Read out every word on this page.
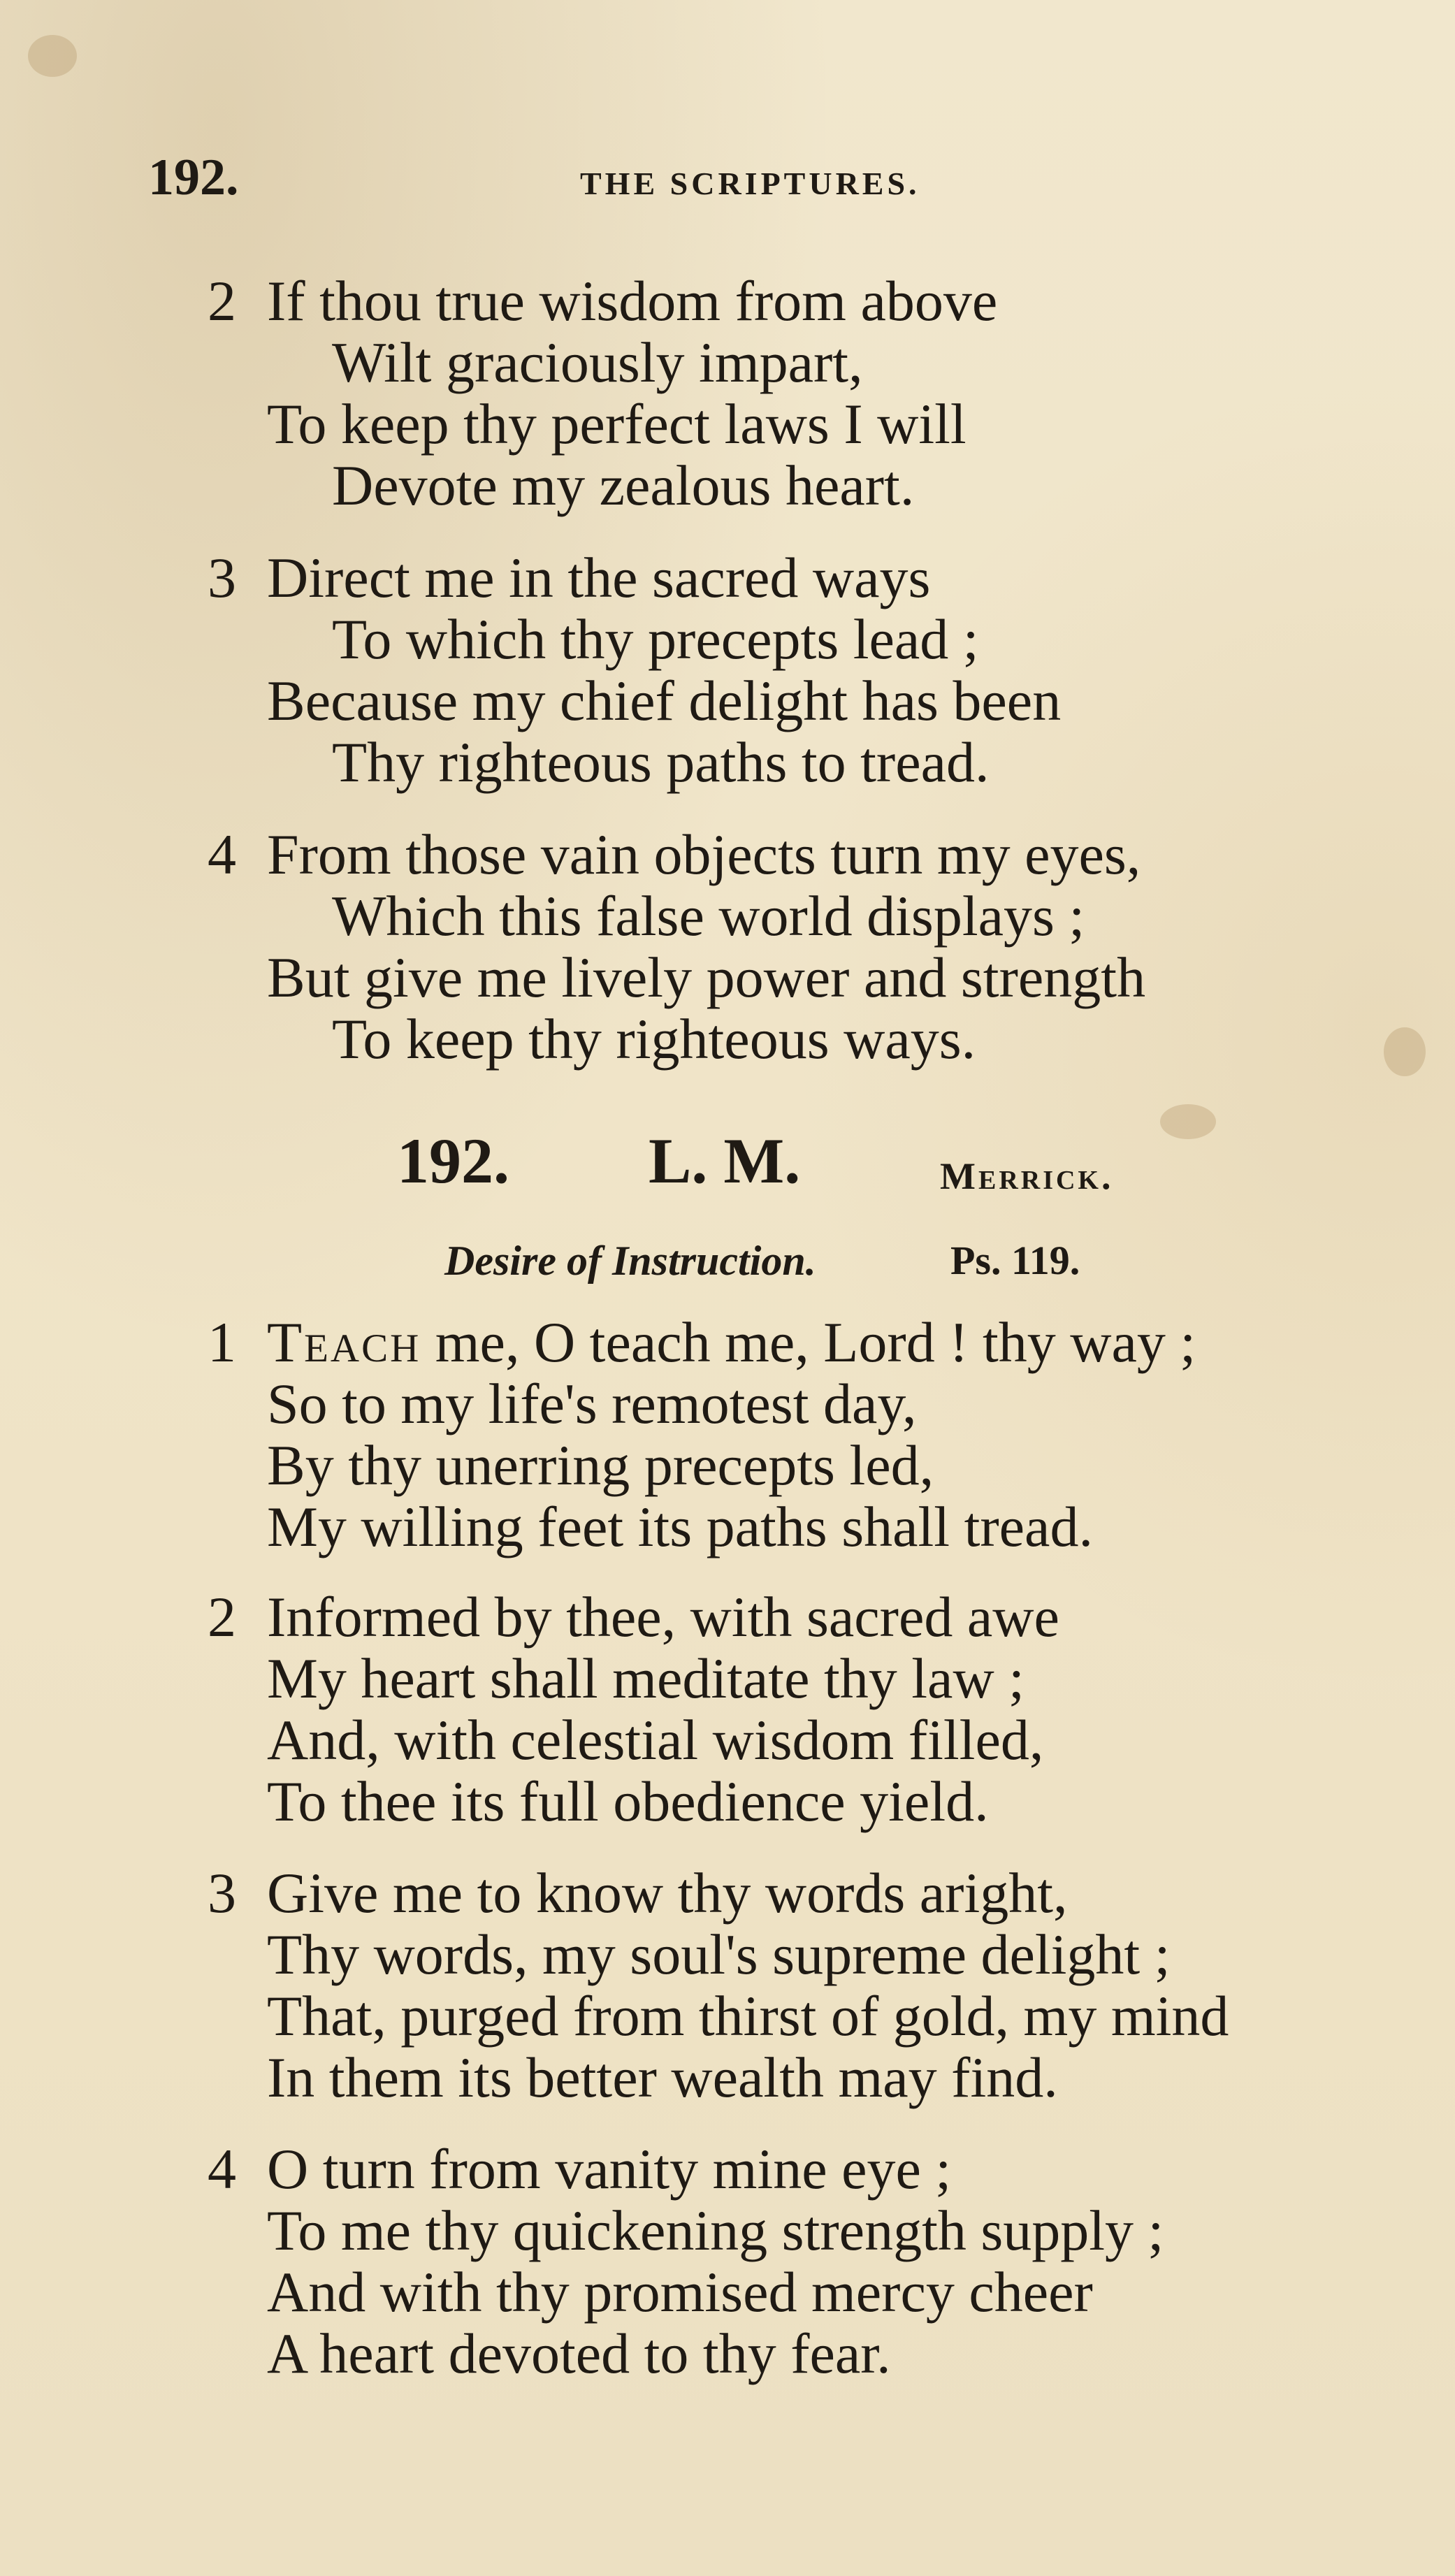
192.	THE SCRIPTURES.
2 If thou true wisdom from above
Wilt graciously impart,
To keep thy perfect laws I will
Devote my zealous heart.
3 Direct me in the sacred ways
To which thy precepts lead ;
Because my chief delight has been
Thy righteous paths to tread.
4 From those vain objects turn my eyes,
Which this false world displays ;
But give me lively power and strength
To keep thy righteous ways.
192. L. M.	Merrick.
Desire of Instruction.	Ps. 119.
1 Teach me, O teach me, Lord ! thy way ;
So to my life's remotest day,
By thy unerring precepts led,
My willing feet its paths shall tread.
2 Informed by thee, with sacred awe
My heart shall meditate thy law ;
And, with celestial wisdom filled,
To thee its full obedience yield.
3 Give me to know thy words aright,
Thy words, my soul's supreme delight ;
That, purged from thirst of gold, my mind
In them its better wealth may find.
4 O turn from vanity mine eye ;
To me thy quickening strength supply ;
And with thy promised mercy cheer
A heart devoted to thy fear.
